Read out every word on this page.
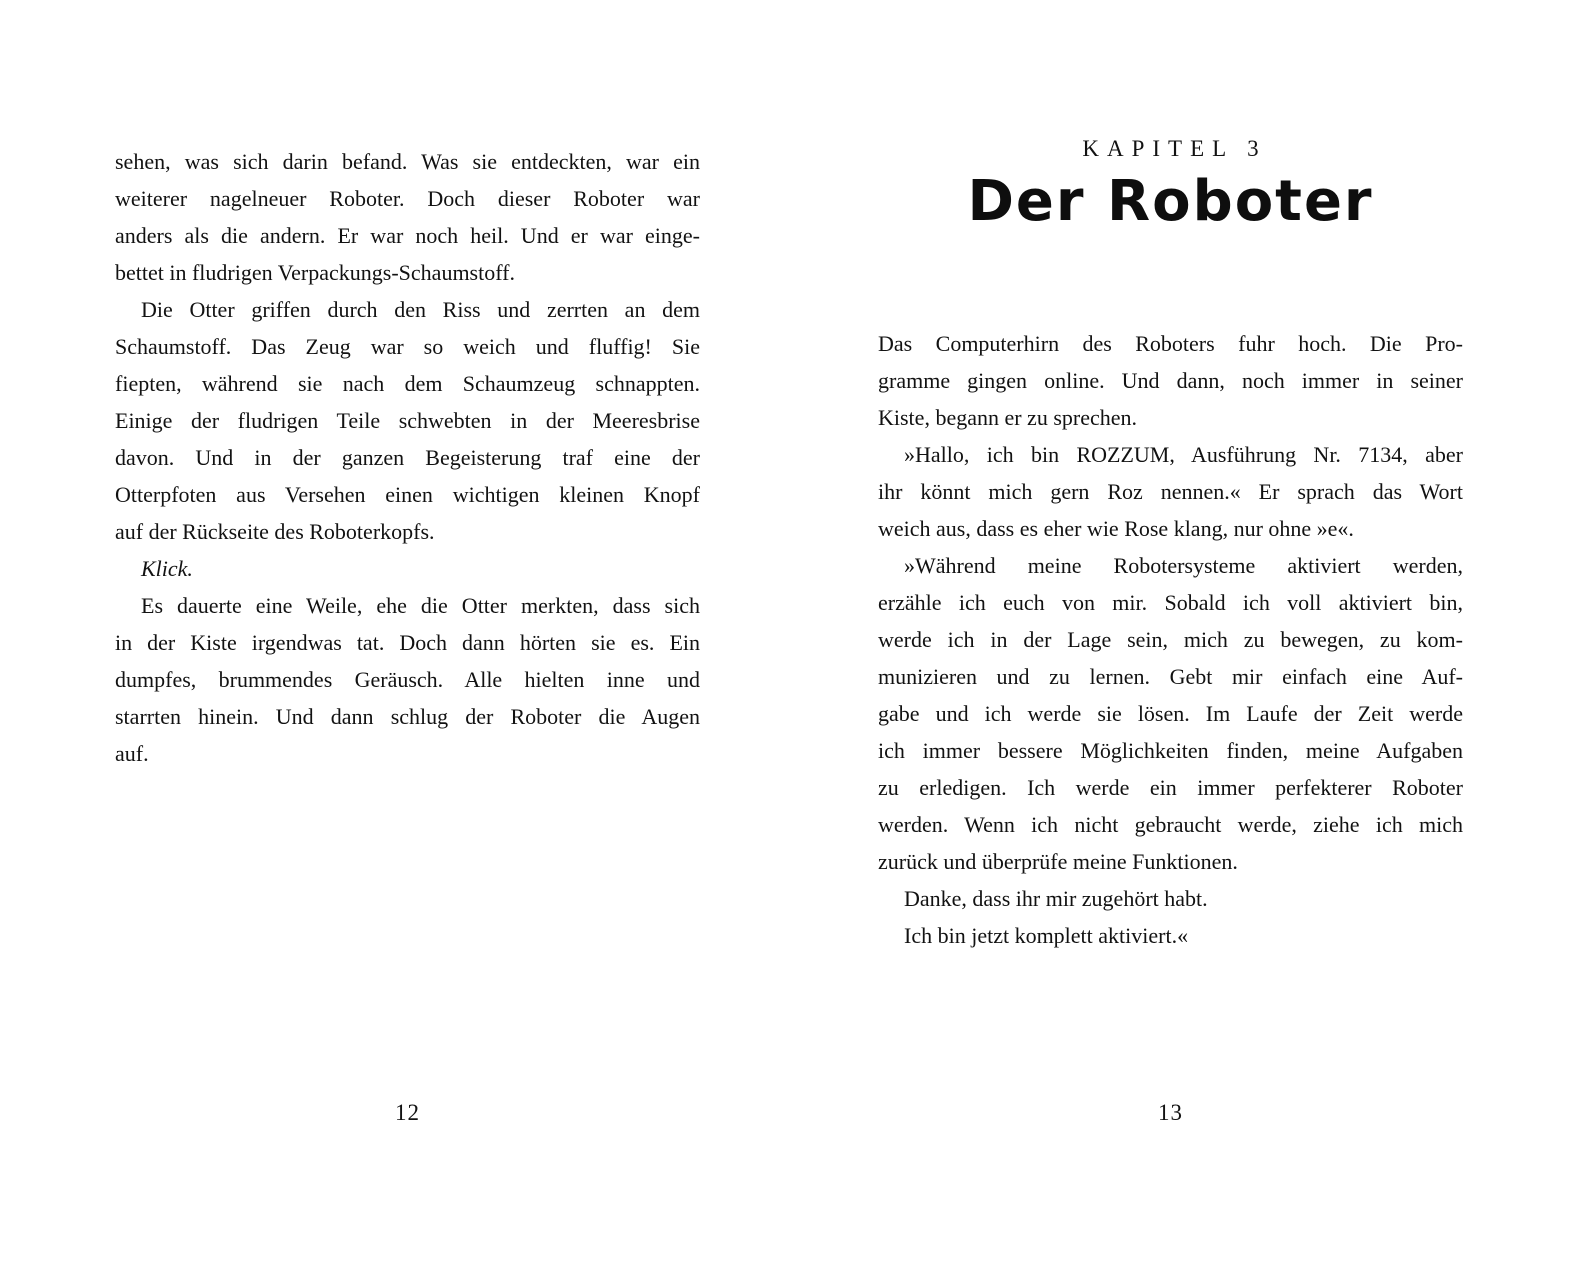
sehen, was sich darin befand. Was sie entdeckten, war ein
weiterer nagelneuer Roboter. Doch dieser Roboter war
anders als die andern. Er war noch heil. Und er war einge-
bettet in fludrigen Verpackungs-Schaumstoff.
Die Otter griffen durch den Riss und zerrten an dem
Schaumstoff. Das Zeug war so weich und fluffig! Sie
fiepten, während sie nach dem Schaumzeug schnappten.
Einige der fludrigen Teile schwebten in der Meeresbrise
davon. Und in der ganzen Begeisterung traf eine der
Otterpfoten aus Versehen einen wichtigen kleinen Knopf
auf der Rückseite des Roboterkopfs.
Klick.
Es dauerte eine Weile, ehe die Otter merkten, dass sich
in der Kiste irgendwas tat. Doch dann hörten sie es. Ein
dumpfes, brummendes Geräusch. Alle hielten inne und
starrten hinein. Und dann schlug der Roboter die Augen
auf.
12
KAPITEL 3
Der Roboter
Das Computerhirn des Roboters fuhr hoch. Die Pro-
gramme gingen online. Und dann, noch immer in seiner
Kiste, begann er zu sprechen.
»Hallo, ich bin ROZZUM, Ausführung Nr. 7134, aber
ihr könnt mich gern Roz nennen.« Er sprach das Wort
weich aus, dass es eher wie Rose klang, nur ohne »e«.
»Während meine Robotersysteme aktiviert werden,
erzähle ich euch von mir. Sobald ich voll aktiviert bin,
werde ich in der Lage sein, mich zu bewegen, zu kom-
munizieren und zu lernen. Gebt mir einfach eine Auf-
gabe und ich werde sie lösen. Im Laufe der Zeit werde
ich immer bessere Möglichkeiten finden, meine Aufgaben
zu erledigen. Ich werde ein immer perfekterer Roboter
werden. Wenn ich nicht gebraucht werde, ziehe ich mich
zurück und überprüfe meine Funktionen.
Danke, dass ihr mir zugehört habt.
Ich bin jetzt komplett aktiviert.«
13
